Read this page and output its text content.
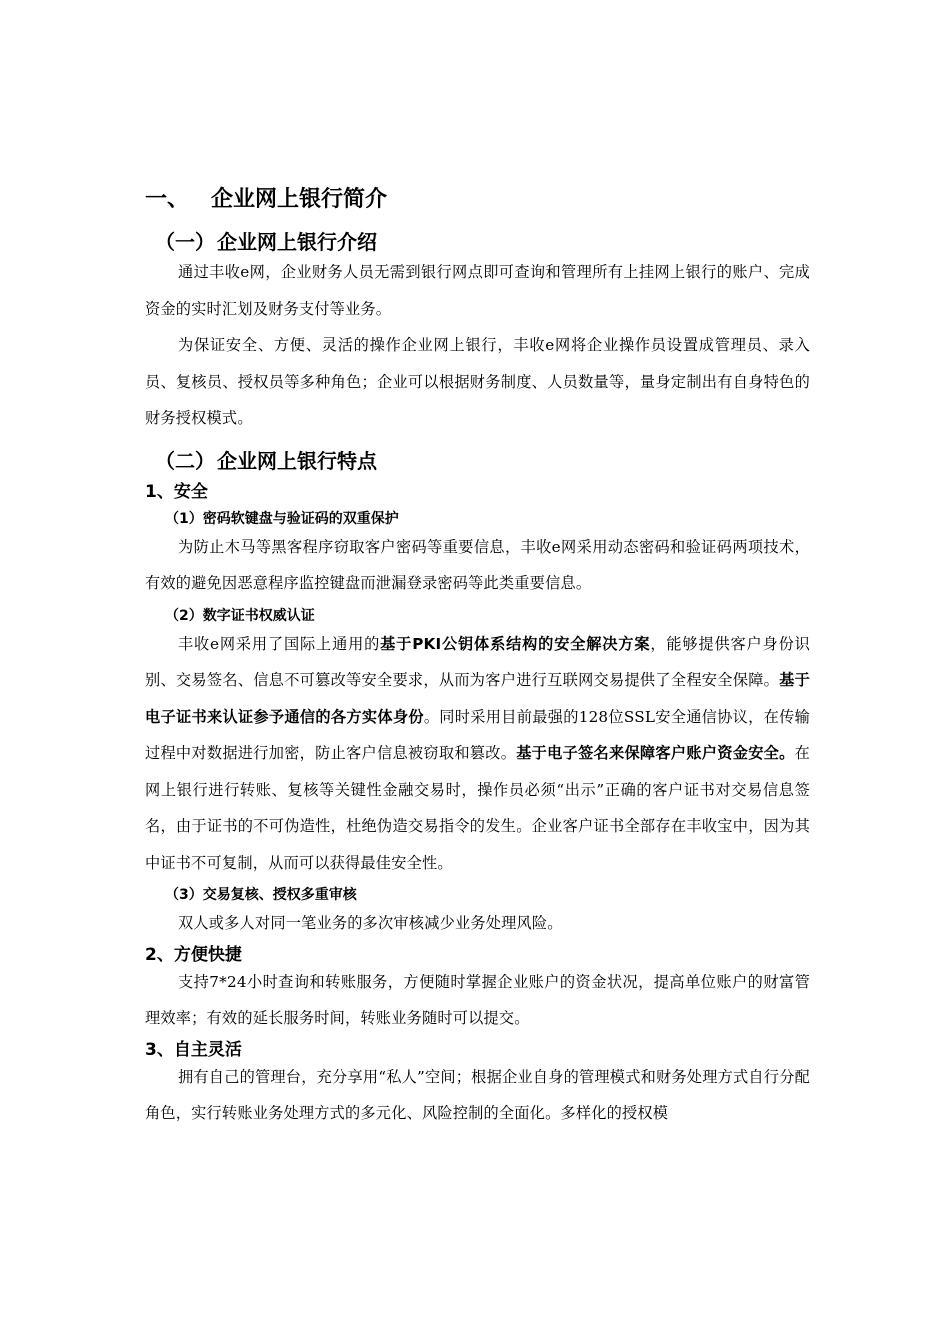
一、 企业网上银行简介
（一） 企业网上银行介绍

通过丰收e网，企业财务人员无需到银行网点即可查询和管理所有上挂网上银行的账户、完成资金的实时汇划及财务支付等业务。

为保证安全、方便、灵活的操作企业网上银行，丰收e网将企业操作员设置成管理员、录入员、复核员、授权员等多种角色；企业可以根据财务制度、人员数量等，量身定制出有自身特色的财务授权模式。

（二） 企业网上银行特点
1、安全
（1）密码软键盘与验证码的双重保护

为防止木马等黑客程序窃取客户密码等重要信息，丰收e网采用动态密码和验证码两项技术，有效的避免因恶意程序监控键盘而泄漏登录密码等此类重要信息。

（2）数字证书权威认证

丰收e网采用了国际上通用的基于PKI公钥体系结构的安全解决方案，能够提供客户身份识别、交易签名、信息不可篡改等安全要求，从而为客户进行互联网交易提供了全程安全保障。基于电子证书来认证参予通信的各方实体身份。同时采用目前最强的128位SSL安全通信协议，在传输过程中对数据进行加密，防止客户信息被窃取和篡改。基于电子签名来保障客户账户资金安全。在网上银行进行转账、复核等关键性金融交易时，操作员必须“出示”正确的客户证书对交易信息签名，由于证书的不可伪造性，杜绝伪造交易指令的发生。企业客户证书全部存在丰收宝中，因为其中证书不可复制，从而可以获得最佳安全性。

（3）交易复核、授权多重审核

双人或多人对同一笔业务的多次审核减少业务处理风险。

2、方便快捷

支持7*24小时查询和转账服务，方便随时掌握企业账户的资金状况，提高单位账户的财富管理效率；有效的延长服务时间，转账业务随时可以提交。

3、自主灵活

拥有自己的管理台，充分享用“私人”空间；根据企业自身的管理模式和财务处理方式自行分配角色，实行转账业务处理方式的多元化、风险控制的全面化。多样化的授权模
